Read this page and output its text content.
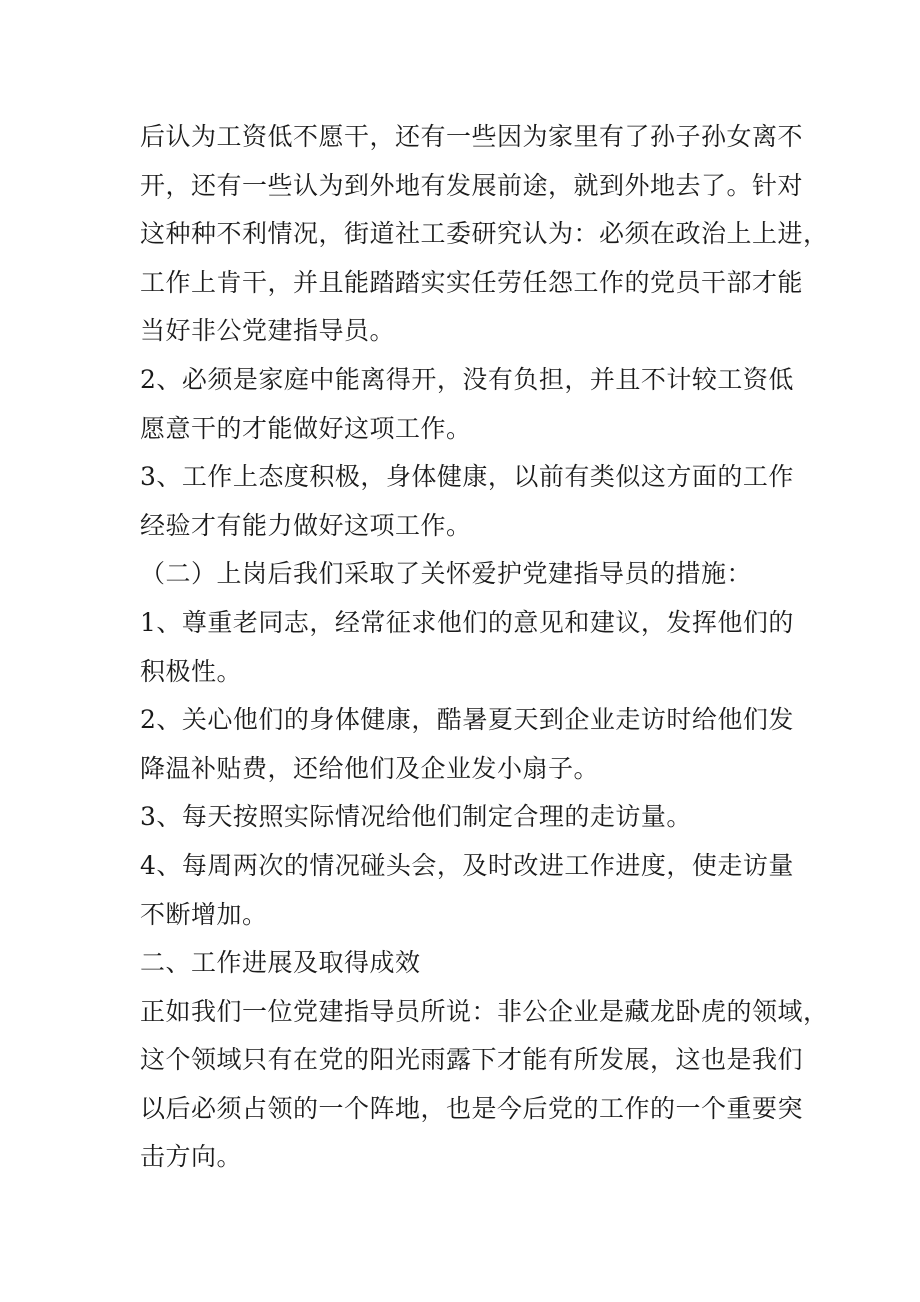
后认为工资低不愿干，还有一些因为家里有了孙子孙女离不
开，还有一些认为到外地有发展前途，就到外地去了。针对
这种种不利情况，街道社工委研究认为：必须在政治上上进，
工作上肯干，并且能踏踏实实任劳任怨工作的党员干部才能
当好非公党建指导员。
2、必须是家庭中能离得开，没有负担，并且不计较工资低
愿意干的才能做好这项工作。
3、工作上态度积极，身体健康，以前有类似这方面的工作
经验才有能力做好这项工作。
（二）上岗后我们采取了关怀爱护党建指导员的措施：
1、尊重老同志，经常征求他们的意见和建议，发挥他们的
积极性。
2、关心他们的身体健康，酷暑夏天到企业走访时给他们发
降温补贴费，还给他们及企业发小扇子。
3、每天按照实际情况给他们制定合理的走访量。
4、每周两次的情况碰头会，及时改进工作进度，使走访量
不断增加。
二、工作进展及取得成效
正如我们一位党建指导员所说：非公企业是藏龙卧虎的领域，
这个领域只有在党的阳光雨露下才能有所发展，这也是我们
以后必须占领的一个阵地，也是今后党的工作的一个重要突
击方向。
